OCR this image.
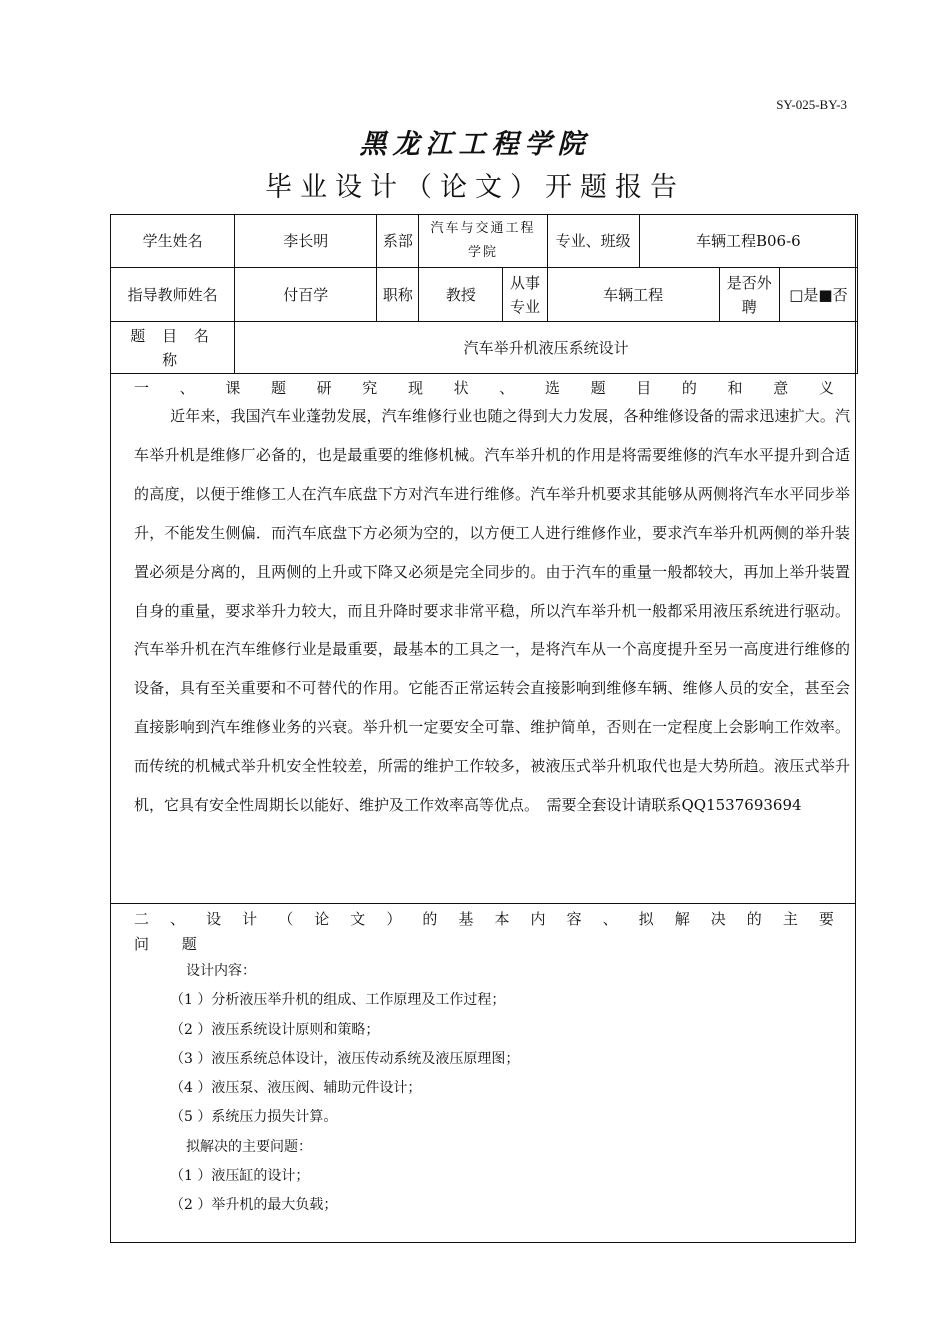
SY-025-BY-3
黑龙江工程学院
毕业设计（论文）开题报告
学生姓名	李长明	系部	汽车与交通工程学院		专业、班级	车辆工程B06-6		
指导教师姓名	付百学	职称	教授	从事专业	车辆工程		是否外聘	□是■否
题 目 名 称	汽车举升机液压系统设计							
一 、 课 题 研 究 现 状 、 选 题 目 的 和 意 义
近年来，我国汽车业蓬勃发展，汽车维修行业也随之得到大力发展，各种维修设备的需求迅速扩大。汽车举升机是维修厂必备的，也是最重要的维修机械。汽车举升机的作用是将需要维修的汽车水平提升到合适的高度，以便于维修工人在汽车底盘下方对汽车进行维修。汽车举升机要求其能够从两侧将汽车水平同步举升，不能发生侧偏．而汽车底盘下方必须为空的，以方便工人进行维修作业，要求汽车举升机两侧的举升装置必须是分离的，且两侧的上升或下降又必须是完全同步的。由于汽车的重量一般都较大，再加上举升装置自身的重量，要求举升力较大，而且升降时要求非常平稳，所以汽车举升机一般都采用液压系统进行驱动。汽车举升机在汽车维修行业是最重要，最基本的工具之一，是将汽车从一个高度提升至另一高度进行维修的设备，具有至关重要和不可替代的作用。它能否正常运转会直接影响到维修车辆、维修人员的安全，甚至会直接影响到汽车维修业务的兴衰。举升机一定要安全可靠、维护简单，否则在一定程度上会影响工作效率。而传统的机械式举升机安全性较差，所需的维护工作较多，被液压式举升机取代也是大势所趋。液压式举升机，它具有安全性周期长以能好、维护及工作效率高等优点。　需要全套设计请联系QQ1537693694
二 、 设 计 （ 论 文 ） 的 基 本 内 容 、 拟 解 决 的 主 要
问 题
设计内容：
（1 ）分析液压举升机的组成、工作原理及工作过程；
（2 ）液压系统设计原则和策略；
（3 ）液压系统总体设计，液压传动系统及液压原理图；
（4 ）液压泵、液压阀、辅助元件设计；
（5 ）系统压力损失计算。
拟解决的主要问题：
（1 ）液压缸的设计；
（2 ）举升机的最大负载；
